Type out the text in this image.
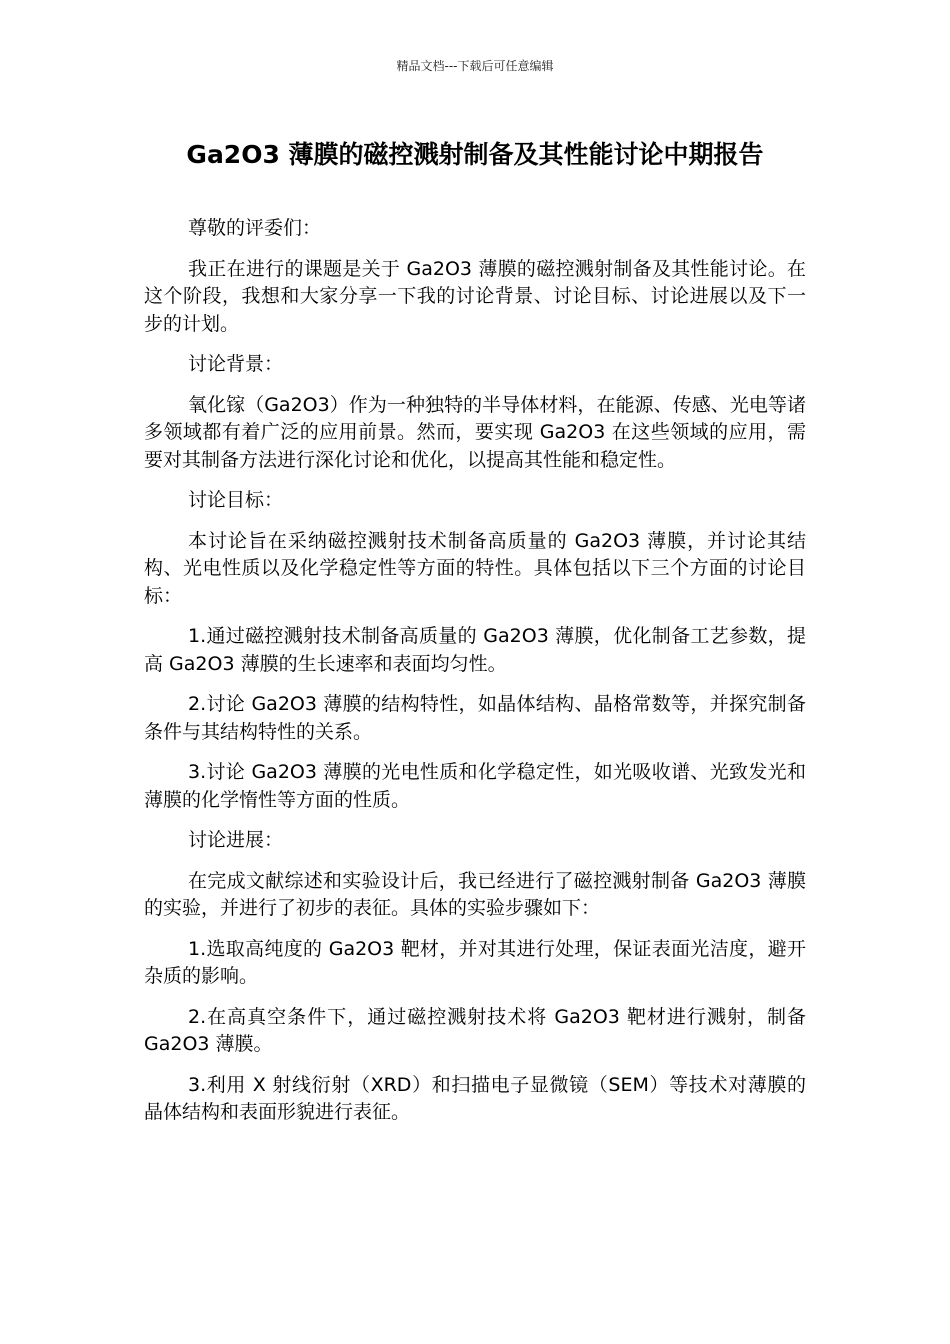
精品文档---下载后可任意编辑
Ga2O3 薄膜的磁控溅射制备及其性能讨论中期报告

尊敬的评委们：

我正在进行的课题是关于 Ga2O3 薄膜的磁控溅射制备及其性能讨论。在这个阶段，我想和大家分享一下我的讨论背景、讨论目标、讨论进展以及下一步的计划。

讨论背景：

氧化镓（Ga2O3）作为一种独特的半导体材料，在能源、传感、光电等诸多领域都有着广泛的应用前景。然而，要实现 Ga2O3 在这些领域的应用，需要对其制备方法进行深化讨论和优化，以提高其性能和稳定性。

讨论目标：

本讨论旨在采纳磁控溅射技术制备高质量的 Ga2O3 薄膜，并讨论其结构、光电性质以及化学稳定性等方面的特性。具体包括以下三个方面的讨论目标：

1.通过磁控溅射技术制备高质量的 Ga2O3 薄膜，优化制备工艺参数，提高 Ga2O3 薄膜的生长速率和表面均匀性。

2.讨论 Ga2O3 薄膜的结构特性，如晶体结构、晶格常数等，并探究制备条件与其结构特性的关系。

3.讨论 Ga2O3 薄膜的光电性质和化学稳定性，如光吸收谱、光致发光和薄膜的化学惰性等方面的性质。

讨论进展：

在完成文献综述和实验设计后，我已经进行了磁控溅射制备 Ga2O3 薄膜的实验，并进行了初步的表征。具体的实验步骤如下：

1.选取高纯度的 Ga2O3 靶材，并对其进行处理，保证表面光洁度，避开杂质的影响。

2.在高真空条件下，通过磁控溅射技术将 Ga2O3 靶材进行溅射，制备 Ga2O3 薄膜。

3.利用 X 射线衍射（XRD）和扫描电子显微镜（SEM）等技术对薄膜的晶体结构和表面形貌进行表征。
